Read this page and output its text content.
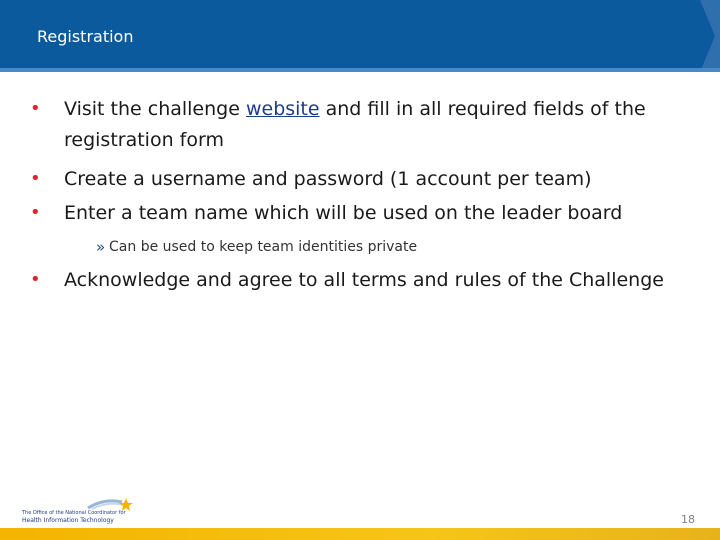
Registration
• Visit the challenge website and fill in all required fields of the registration form
• Create a username and password (1 account per team)
• Enter a team name which will be used on the leader board
» Can be used to keep team identities private
• Acknowledge and agree to all terms and rules of the Challenge
The Office of the National Coordinator for
Health Information Technology	18
